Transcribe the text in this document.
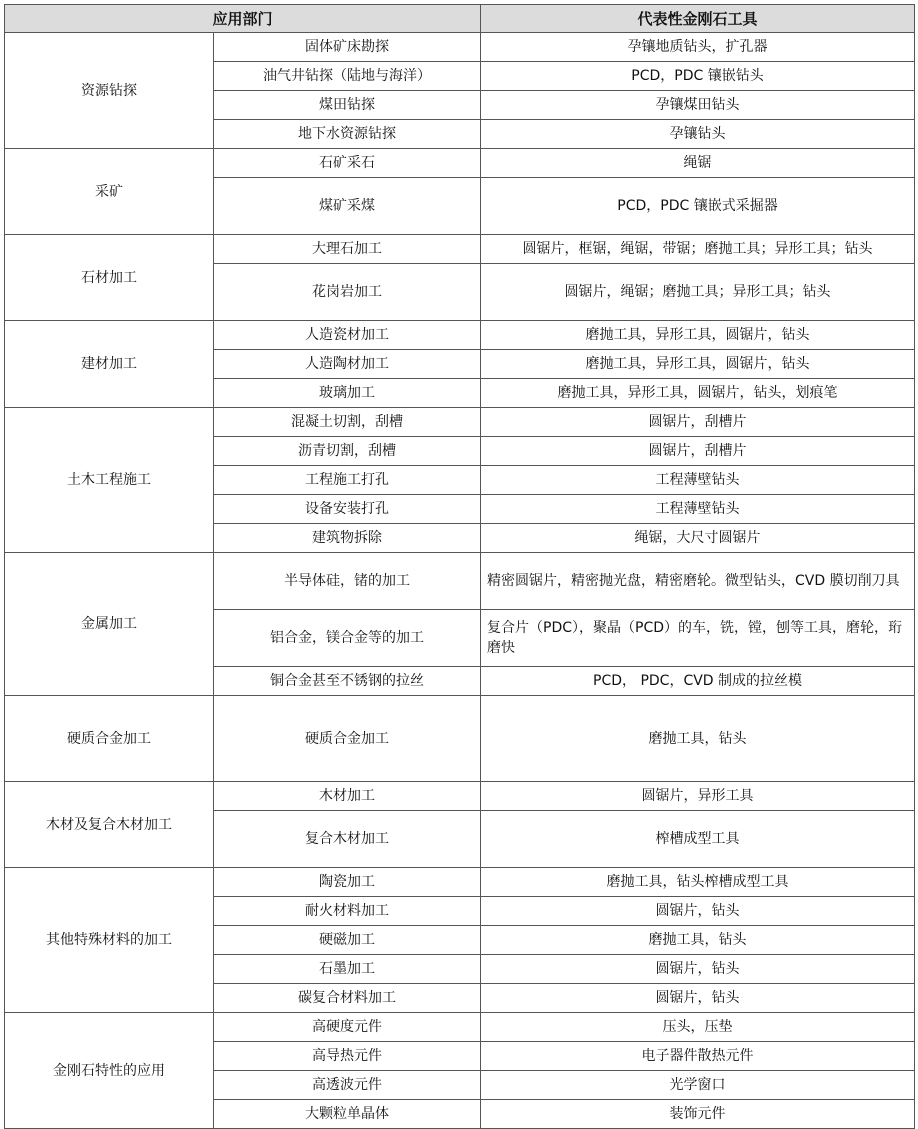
应用部门		代表性金刚石工具
资源钻探	固体矿床勘探	孕镶地质钻头，扩孔器
	油气井钻探（陆地与海洋）	PCD，PDC 镶嵌钻头
	煤田钻探	孕镶煤田钻头
	地下水资源钻探	孕镶钻头
采矿	石矿采石	绳锯
	煤矿采煤	PCD，PDC 镶嵌式采掘器
石材加工	大理石加工	圆锯片，框锯，绳锯，带锯；磨抛工具；异形工具；钻头
	花岗岩加工	圆锯片，绳锯；磨抛工具；异形工具；钻头
建材加工	人造瓷材加工	磨抛工具，异形工具，圆锯片，钻头
	人造陶材加工	磨抛工具，异形工具，圆锯片，钻头
	玻璃加工	磨抛工具，异形工具，圆锯片，钻头，划痕笔
土木工程施工	混凝土切割，刮槽	圆锯片，刮槽片
	沥青切割，刮槽	圆锯片，刮槽片
	工程施工打孔	工程薄壁钻头
	设备安装打孔	工程薄壁钻头
	建筑物拆除	绳锯，大尺寸圆锯片
金属加工	半导体硅，锗的加工	精密圆锯片，精密抛光盘，精密磨轮。微型钻头，CVD 膜切削刀具
	铝合金，镁合金等的加工	复合片（PDC），聚晶（PCD）的车，铣，镗，刨等工具，磨轮，珩磨快
	铜合金甚至不锈钢的拉丝	PCD， PDC，CVD 制成的拉丝模
硬质合金加工	硬质合金加工	磨抛工具，钻头
木材及复合木材加工	木材加工	圆锯片，异形工具
	复合木材加工	榨槽成型工具
其他特殊材料的加工	陶瓷加工	磨抛工具，钻头榨槽成型工具
	耐火材料加工	圆锯片，钻头
	硬磁加工	磨抛工具，钻头
	石墨加工	圆锯片，钻头
	碳复合材料加工	圆锯片，钻头
金刚石特性的应用	高硬度元件	压头，压垫
	高导热元件	电子器件散热元件
	高透波元件	光学窗口
	大颗粒单晶体	装饰元件
